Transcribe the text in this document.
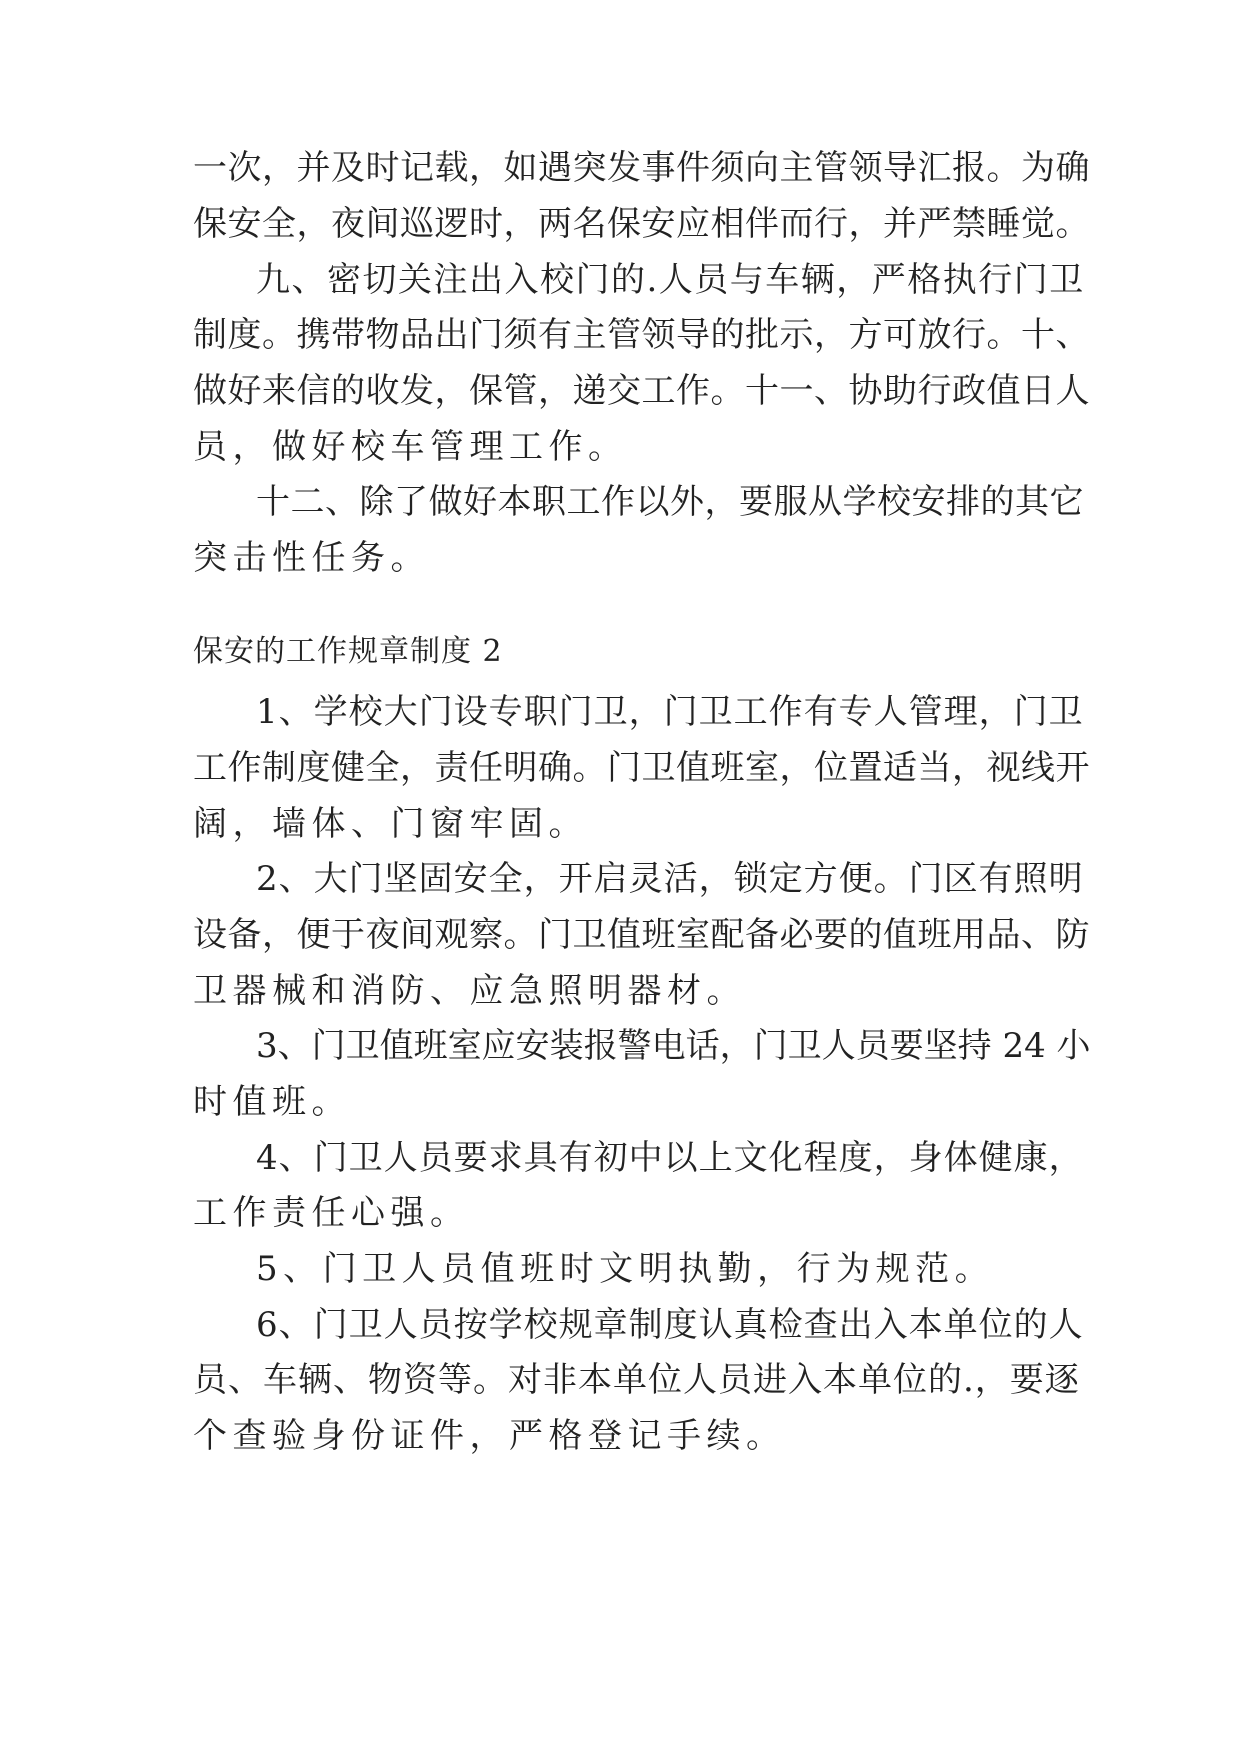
一次，并及时记载，如遇突发事件须向主管领导汇报。为确
保安全，夜间巡逻时，两名保安应相伴而行，并严禁睡觉。
九、密切关注出入校门的.人员与车辆，严格执行门卫
制度。携带物品出门须有主管领导的批示，方可放行。十、
做好来信的收发，保管，递交工作。十一、协助行政值日人
员，做好校车管理工作。
十二、除了做好本职工作以外，要服从学校安排的其它
突击性任务。
保安的工作规章制度 2
1、学校大门设专职门卫，门卫工作有专人管理，门卫
工作制度健全，责任明确。门卫值班室，位置适当，视线开
阔，墙体、门窗牢固。
2、大门坚固安全，开启灵活，锁定方便。门区有照明
设备，便于夜间观察。门卫值班室配备必要的值班用品、防
卫器械和消防、应急照明器材。
3、门卫值班室应安装报警电话，门卫人员要坚持 24 小
时值班。
4、门卫人员要求具有初中以上文化程度，身体健康，
工作责任心强。
5、门卫人员值班时文明执勤，行为规范。
6、门卫人员按学校规章制度认真检查出入本单位的人
员、车辆、物资等。对非本单位人员进入本单位的.，要逐
个查验身份证件，严格登记手续。
